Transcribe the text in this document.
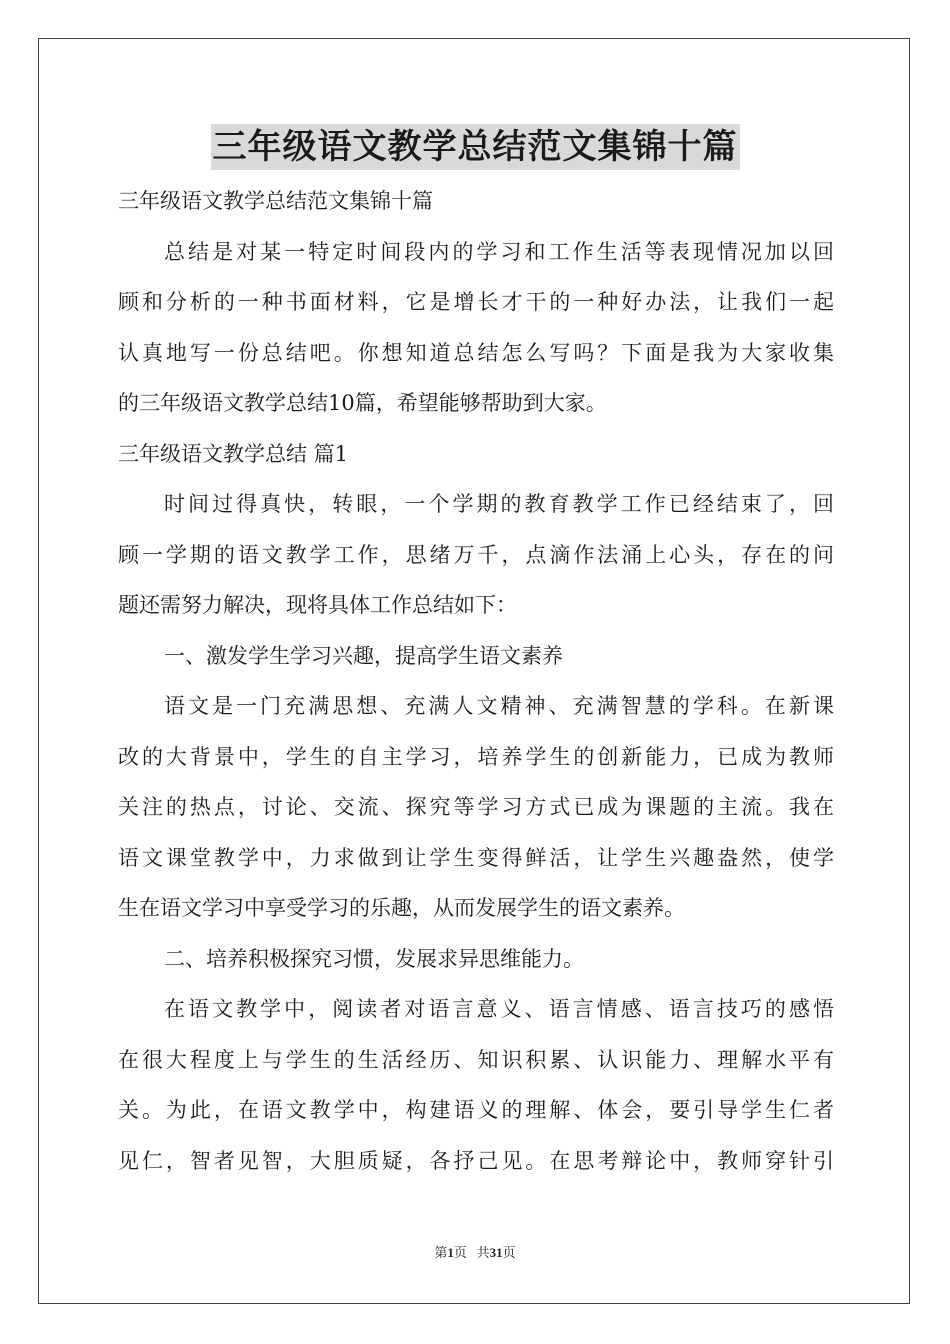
三年级语文教学总结范文集锦十篇

三年级语文教学总结范文集锦十篇

总结是对某一特定时间段内的学习和工作生活等表现情况加以回

顾和分析的一种书面材料，它是增长才干的一种好办法，让我们一起

认真地写一份总结吧。你想知道总结怎么写吗？下面是我为大家收集

的三年级语文教学总结10篇，希望能够帮助到大家。

三年级语文教学总结 篇1

时间过得真快，转眼，一个学期的教育教学工作已经结束了，回

顾一学期的语文教学工作，思绪万千，点滴作法涌上心头，存在的问

题还需努力解决，现将具体工作总结如下：

一、激发学生学习兴趣，提高学生语文素养

语文是一门充满思想、充满人文精神、充满智慧的学科。在新课

改的大背景中，学生的自主学习，培养学生的创新能力，已成为教师

关注的热点，讨论、交流、探究等学习方式已成为课题的主流。我在

语文课堂教学中，力求做到让学生变得鲜活，让学生兴趣盎然，使学

生在语文学习中享受学习的乐趣，从而发展学生的语文素养。

二、培养积极探究习惯，发展求异思维能力。

在语文教学中，阅读者对语言意义、语言情感、语言技巧的感悟

在很大程度上与学生的生活经历、知识积累、认识能力、理解水平有

关。为此，在语文教学中，构建语义的理解、体会，要引导学生仁者

见仁，智者见智，大胆质疑，各抒己见。在思考辩论中，教师穿针引

第1页 共31页
